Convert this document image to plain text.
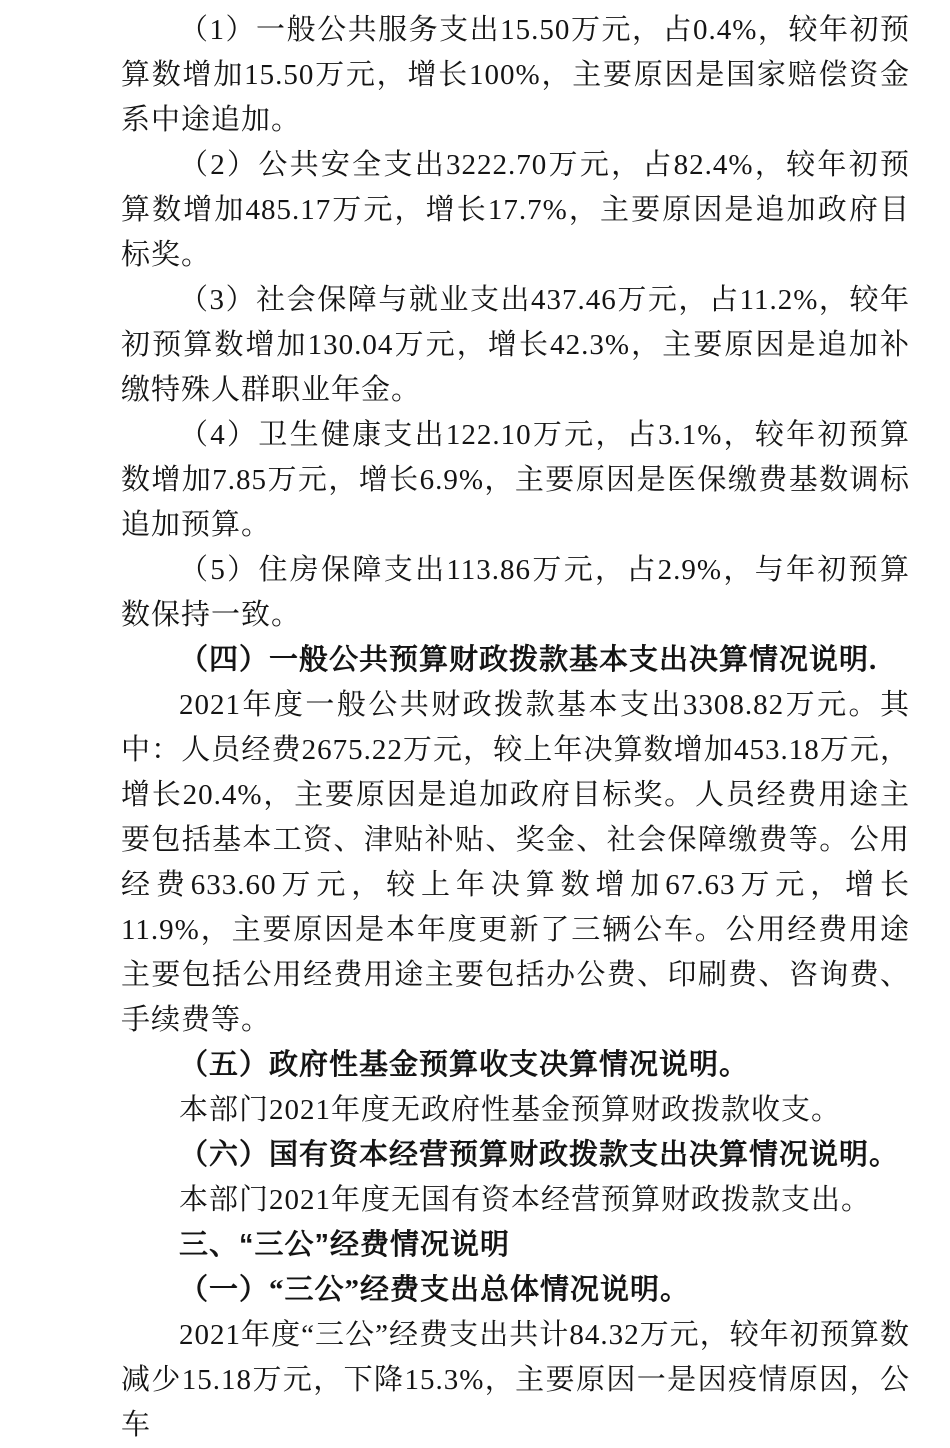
（1）一般公共服务支出15.50万元，占0.4%，较年初预算数增加15.50万元，增长100%，主要原因是国家赔偿资金系中途追加。

（2）公共安全支出3222.70万元，占82.4%，较年初预算数增加485.17万元，增长17.7%，主要原因是追加政府目标奖。

（3）社会保障与就业支出437.46万元，占11.2%，较年初预算数增加130.04万元，增长42.3%，主要原因是追加补缴特殊人群职业年金。

（4）卫生健康支出122.10万元，占3.1%，较年初预算数增加7.85万元，增长6.9%，主要原因是医保缴费基数调标追加预算。

（5）住房保障支出113.86万元，占2.9%，与年初预算数保持一致。

（四）一般公共预算财政拨款基本支出决算情况说明.

2021年度一般公共财政拨款基本支出3308.82万元。其中：人员经费2675.22万元，较上年决算数增加453.18万元，增长20.4%，主要原因是追加政府目标奖。人员经费用途主要包括基本工资、津贴补贴、奖金、社会保障缴费等。公用经费633.60万元，较上年决算数增加67.63万元，增长11.9%，主要原因是本年度更新了三辆公车。公用经费用途主要包括公用经费用途主要包括办公费、印刷费、咨询费、手续费等。

（五）政府性基金预算收支决算情况说明。

本部门2021年度无政府性基金预算财政拨款收支。

（六）国有资本经营预算财政拨款支出决算情况说明。

本部门2021年度无国有资本经营预算财政拨款支出。

三、“三公”经费情况说明

（一）“三公”经费支出总体情况说明。

2021年度“三公”经费支出共计84.32万元，较年初预算数减少15.18万元，下降15.3%，主要原因一是因疫情原因，公车
